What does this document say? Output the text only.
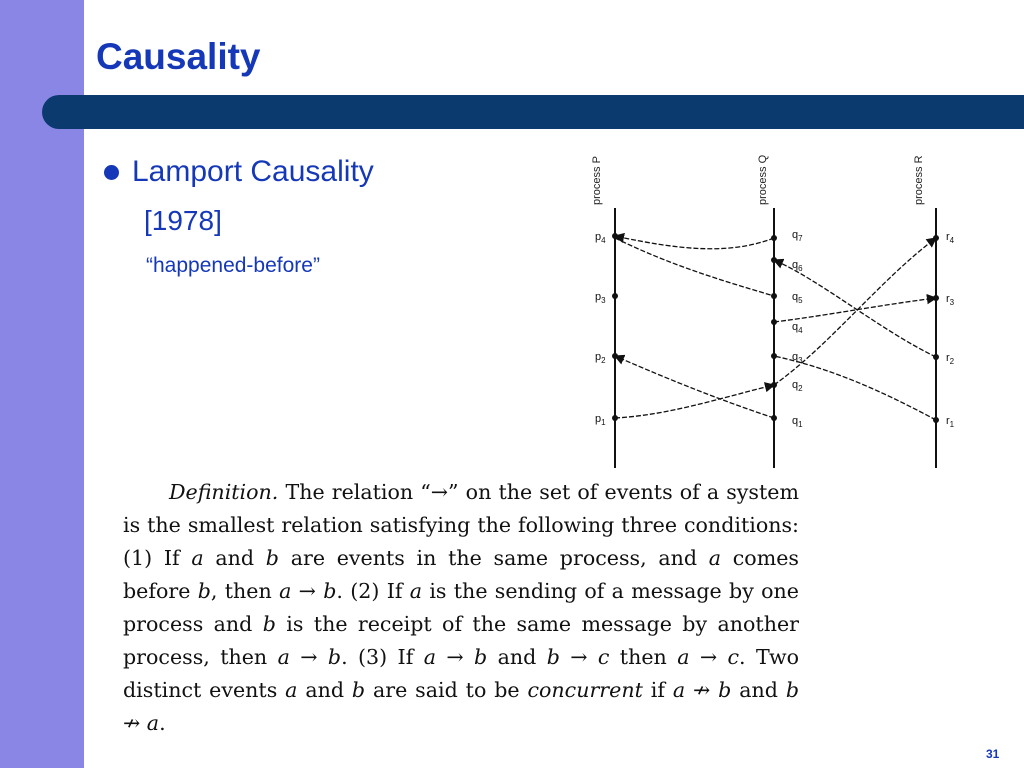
Causality
Lamport Causality
[1978]
“happened-before”
process P	process Q	process R
$p_4$
$p_3$
$p_2$
$p_1$
$q_7$
$q_6$
$q_5$
$q_4$
$q_3$
$q_2$
$q_1$
$r_4$
$r_3$
$r_2$
$r_1$
Definition. The relation “→” on the set of events of a system is the smallest relation satisfying the following three conditions: (1) If a and b are events in the same process, and a comes before b, then a → b. (2) If a is the sending of a message by one process and b is the receipt of the same message by another process, then a → b. (3) If a → b and b → c then a → c. Two distinct events a and b are said to be concurrent if a ↛ b and b ↛ a.
31
